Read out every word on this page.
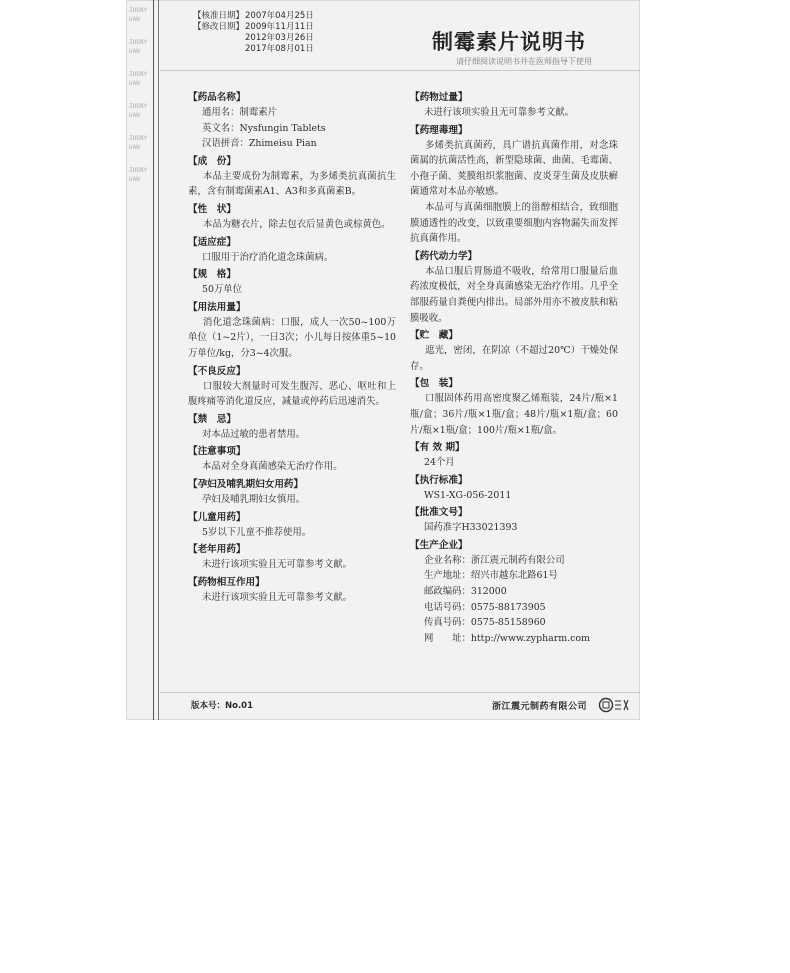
ZHENYUAN
ZHENYUAN
ZHENYUAN
ZHENYUAN
ZHENYUAN
ZHENYUAN
【核准日期】2007年04月25日
【修改日期】2009年11月11日
2012年03月26日
2017年08月01日	制霉素片说明书
请仔细阅读说明书并在医师指导下使用
【药品名称】
通用名：制霉素片
英文名：Nysfungin Tablets
汉语拼音：Zhimeisu Pian
【成　份】
本品主要成份为制霉素，为多烯类抗真菌抗生素，含有制霉菌素A1、A3和多真菌素B。
【性　状】
本品为糖衣片，除去包衣后显黄色或棕黄色。
【适应症】
口服用于治疗消化道念珠菌病。
【规　格】
50万单位
【用法用量】
消化道念珠菌病：口服，成人一次50~100万单位（1~2片），一日3次；小儿每日按体重5~10万单位/kg，分3~4次服。
【不良反应】
口服较大剂量时可发生腹泻、恶心、呕吐和上腹疼痛等消化道反应，减量或停药后迅速消失。
【禁　忌】
对本品过敏的患者禁用。
【注意事项】
本品对全身真菌感染无治疗作用。
【孕妇及哺乳期妇女用药】
孕妇及哺乳期妇女慎用。
【儿童用药】
5岁以下儿童不推荐使用。
【老年用药】
未进行该项实验且无可靠参考文献。
【药物相互作用】
未进行该项实验且无可靠参考文献。
【药物过量】
未进行该项实验且无可靠参考文献。
【药理毒理】
多烯类抗真菌药，具广谱抗真菌作用，对念珠菌属的抗菌活性高，新型隐球菌、曲菌、毛霉菌、小孢子菌、荚膜组织浆胞菌、皮炎芽生菌及皮肤癣菌通常对本品亦敏感。
本品可与真菌细胞膜上的甾醇相结合，致细胞膜通透性的改变，以致重要细胞内容物漏失而发挥抗真菌作用。
【药代动力学】
本品口服后胃肠道不吸收，给常用口服量后血药浓度极低，对全身真菌感染无治疗作用。几乎全部服药量自粪便内排出。局部外用亦不被皮肤和粘膜吸收。
【贮　藏】
遮光，密闭，在阴凉（不超过20℃）干燥处保存。
【包　装】
口服固体药用高密度聚乙烯瓶装，24片/瓶×1瓶/盒；36片/瓶×1瓶/盒；48片/瓶×1瓶/盒；60片/瓶×1瓶/盒；100片/瓶×1瓶/盒。
【有 效 期】
24个月
【执行标准】
WS1-XG-056-2011
【批准文号】
国药准字H33021393
【生产企业】
企业名称：浙江震元制药有限公司
生产地址：绍兴市越东北路61号
邮政编码：312000
电话号码：0575-88173905
传真号码：0575-85158960
网　　址：http://www.zypharm.com
版本号：No.01	浙江震元制药有限公司
